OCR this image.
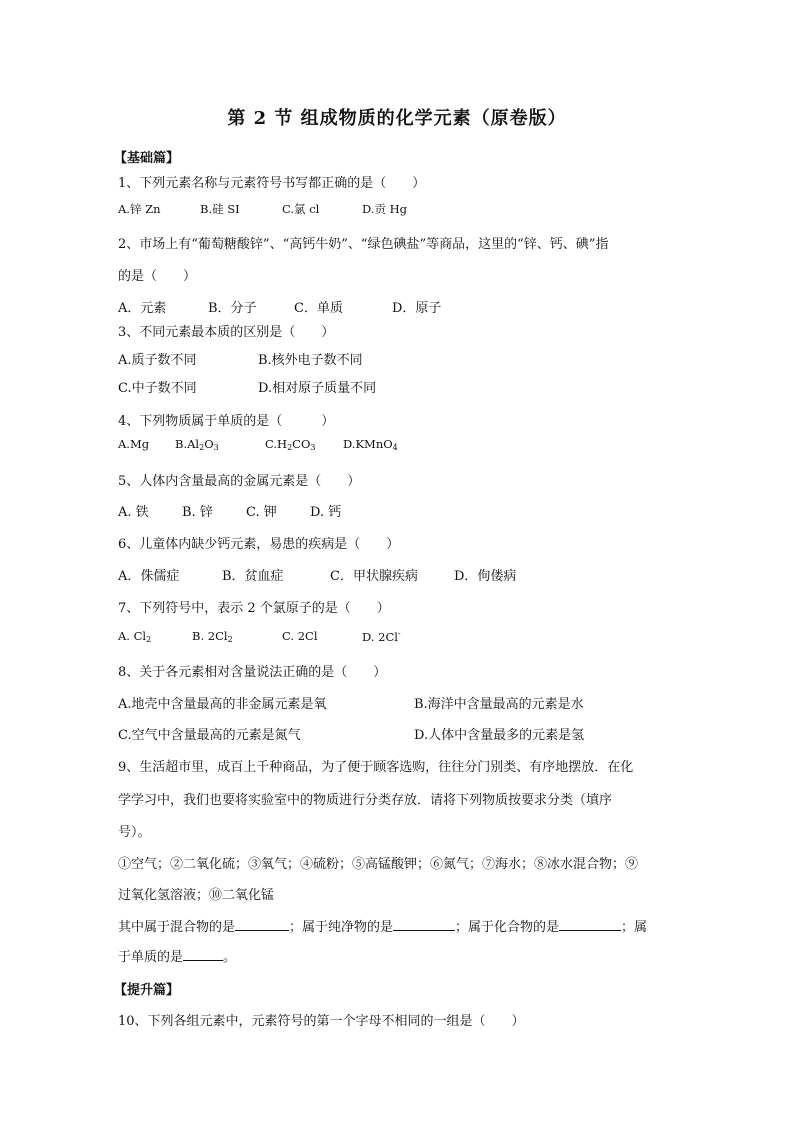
第 2 节 组成物质的化学元素（原卷版）
【基础篇】
1、下列元素名称与元素符号书写都正确的是（　　）
A.锌 Zn	B.硅 SI	C.氯 cl	D.贡 Hg
2、市场上有“葡萄糖酸锌”、“高钙牛奶”、“绿色碘盐”等商品，这里的“锌、钙、碘”指
的是（　　）
A．元素	B．分子	C．单质	D．原子
3、不同元素最本质的区别是（　　）
A.质子数不同	B.核外电子数不同
C.中子数不同	D.相对原子质量不同
4、下列物质属于单质的是（　　　）
A.Mg $B.Al_2O_3$	$C.H_2CO_3$ D.KMnO$_4$
5、人体内含量最高的金属元素是（　　）
A. 铁	B. 锌	C. 钾	D. 钙
6、儿童体内缺少钙元素，易患的疾病是（　　）
A．侏儒症	B．贫血症	C．甲状腺疾病	D．佝偻病
7、下列符号中，表示 2 个氯原子的是（　　）
A. $Cl_2$	B. $2Cl_2$	C. 2Cl	D. 2Cl-
8、关于各元素相对含量说法正确的是（　　）
A.地壳中含量最高的非金属元素是氧	B.海洋中含量最高的元素是水
C.空气中含量最高的元素是氮气	D.人体中含量最多的元素是氢
9、生活超市里，成百上千种商品，为了便于顾客选购，往往分门别类、有序地摆放．在化
学学习中，我们也要将实验室中的物质进行分类存放．请将下列物质按要求分类（填序
号）。
①空气；②二氧化硫；③氧气；④硫粉；⑤高锰酸钾；⑥氮气；⑦海水；⑧冰水混合物；⑨
过氧化氢溶液；⑩二氧化锰
其中属于混合物的是	；属于纯净物的是	；属于化合物的是	；属
于单质的是	。
【提升篇】
10、下列各组元素中，元素符号的第一个字母不相同的一组是（　　）
